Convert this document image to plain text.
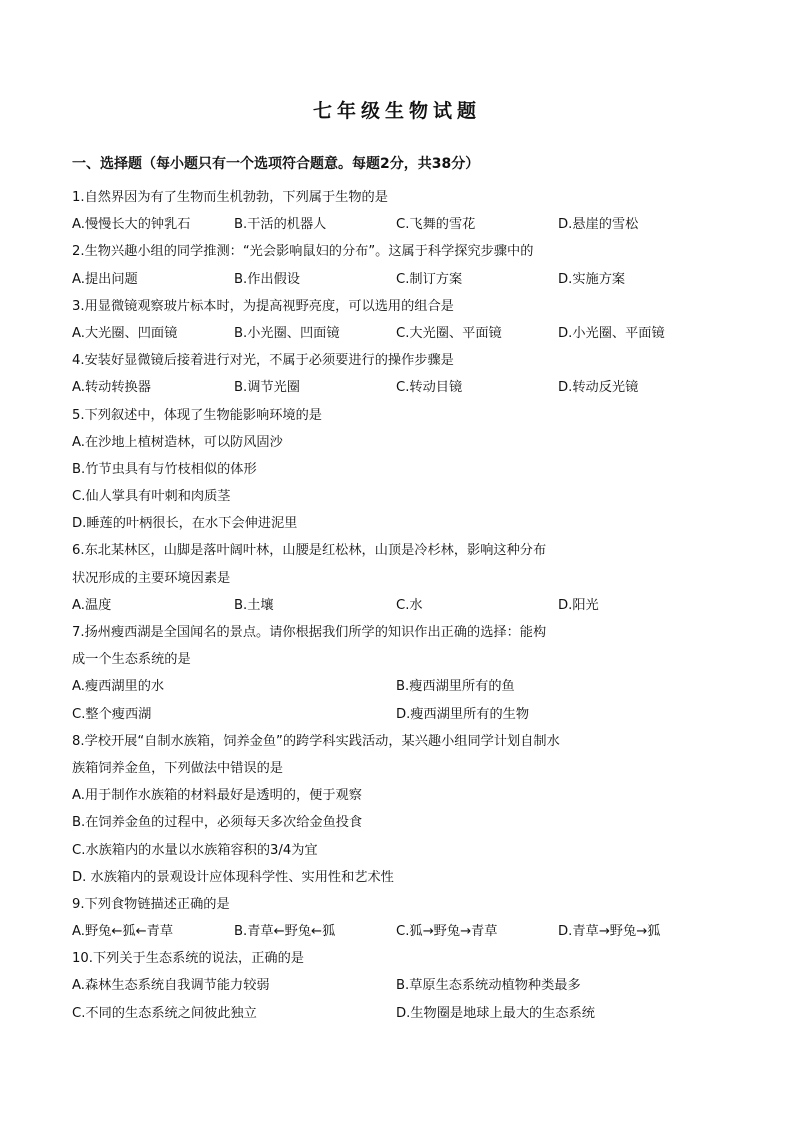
七年级生物试题
一、选择题（每小题只有一个选项符合题意。每题2分，共38分）
1.自然界因为有了生物而生机勃勃，下列属于生物的是
A.慢慢长大的钟乳石	B.干活的机器人	C.飞舞的雪花	D.悬崖的雪松
2.生物兴趣小组的同学推测：“光会影响鼠妇的分布”。这属于科学探究步骤中的
A.提出问题	B.作出假设	C.制订方案	D.实施方案
3.用显微镜观察玻片标本时，为提高视野亮度，可以选用的组合是
A.大光圈、凹面镜	B.小光圈、凹面镜	C.大光圈、平面镜	D.小光圈、平面镜
4.安装好显微镜后接着进行对光，不属于必须要进行的操作步骤是
A.转动转换器	B.调节光圈	C.转动目镜	D.转动反光镜
5.下列叙述中，体现了生物能影响环境的是
A.在沙地上植树造林，可以防风固沙
B.竹节虫具有与竹枝相似的体形
C.仙人掌具有叶刺和肉质茎
D.睡莲的叶柄很长，在水下会伸进泥里
6.东北某林区，山脚是落叶阔叶林，山腰是红松林，山顶是冷杉林，影响这种分布
状况形成的主要环境因素是
A.温度	B.土壤	C.水	D.阳光
7.扬州瘦西湖是全国闻名的景点。请你根据我们所学的知识作出正确的选择：能构
成一个生态系统的是
A.瘦西湖里的水	B.瘦西湖里所有的鱼
C.整个瘦西湖	D.瘦西湖里所有的生物
8.学校开展“自制水族箱，饲养金鱼”的跨学科实践活动，某兴趣小组同学计划自制水
族箱饲养金鱼，下列做法中错误的是
A.用于制作水族箱的材料最好是透明的，便于观察
B.在饲养金鱼的过程中，必须每天多次给金鱼投食
C.水族箱内的水量以水族箱容积的3/4为宜
D. 水族箱内的景观设计应体现科学性、实用性和艺术性
9.下列食物链描述正确的是
A.野兔←狐←青草	B.青草←野兔←狐	C.狐→野兔→青草	D.青草→野兔→狐
10.下列关于生态系统的说法，正确的是
A.森林生态系统自我调节能力较弱	B.草原生态系统动植物种类最多
C.不同的生态系统之间彼此独立	D.生物圈是地球上最大的生态系统
